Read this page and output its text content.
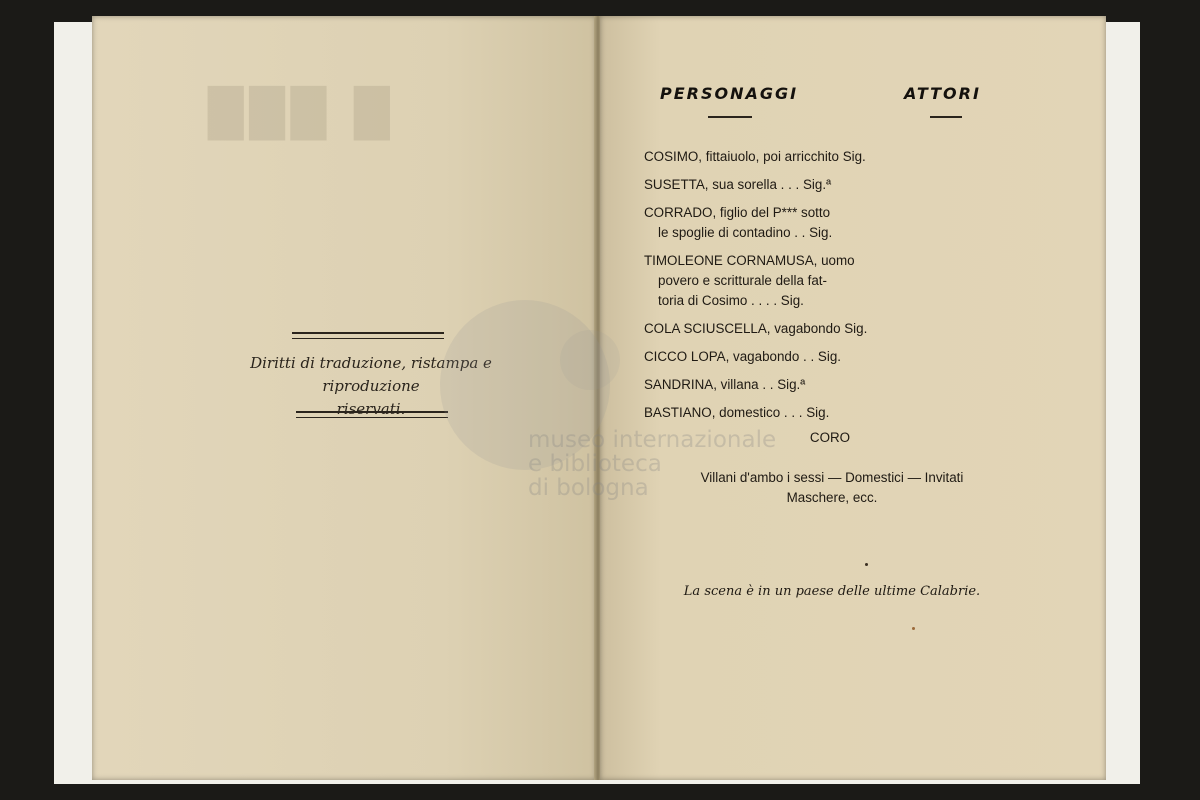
█ ███
Diritti di traduzione, ristampa e riproduzione
riservati.
PERSONAGGI	ATTORI
COSIMO, fittaiuolo, poi arricchito Sig.
SUSETTA, sua sorella . . . Sig.ª
CORRADO, figlio del P*** sotto
le spoglie di contadino . . Sig.
TIMOLEONE CORNAMUSA, uomo
povero e scritturale della fat-
toria di Cosimo . . . . Sig.
COLA SCIUSCELLA, vagabondo Sig.
CICCO LOPA, vagabondo . . Sig.
SANDRINA, villana . . Sig.ª
BASTIANO, domestico . . . Sig.
CORO
Villani d'ambo i sessi — Domestici — Invitati
Maschere, ecc.
La scena è in un paese delle ultime Calabrie.
museo internazionale
e biblioteca
di bologna
